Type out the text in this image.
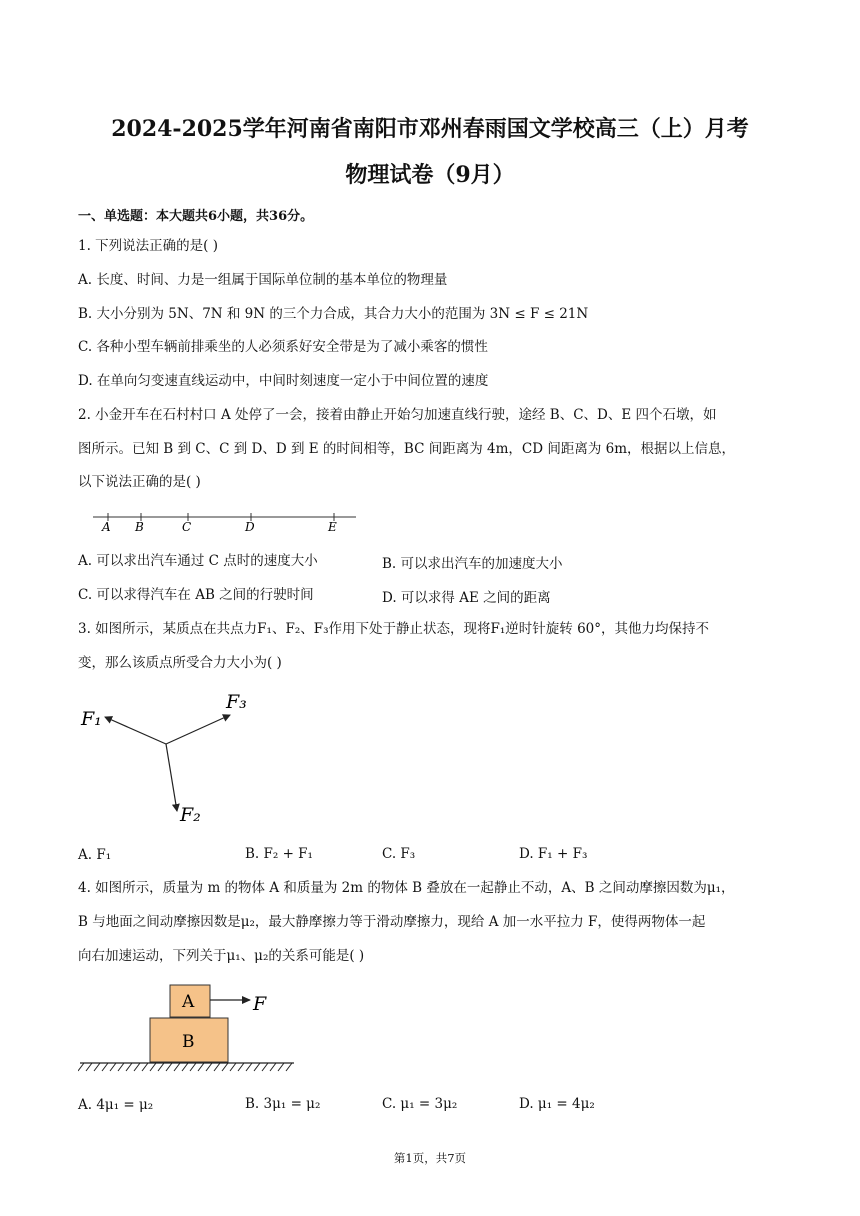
2024-2025学年河南省南阳市邓州春雨国文学校高三（上）月考
物理试卷（9月）
一、单选题：本大题共6小题，共36分。
1. 下列说法正确的是( )
A. 长度、时间、力是一组属于国际单位制的基本单位的物理量
B. 大小分别为 5N、7N 和 9N 的三个力合成，其合力大小的范围为 3N ≤ F ≤ 21N
C. 各种小型车辆前排乘坐的人必须系好安全带是为了减小乘客的惯性
D. 在单向匀变速直线运动中，中间时刻速度一定小于中间位置的速度
2. 小金开车在石村村口 A 处停了一会，接着由静止开始匀加速直线行驶，途经 B、C、D、E 四个石墩，如
图所示。已知 B 到 C、C 到 D、D 到 E 的时间相等，BC 间距离为 4m，CD 间距离为 6m，根据以上信息，
以下说法正确的是( )
A B	C	D	E
A. 可以求出汽车通过 C 点时的速度大小	B. 可以求出汽车的加速度大小
C. 可以求得汽车在 AB 之间的行驶时间	D. 可以求得 AE 之间的距离
3. 如图所示，某质点在共点力F₁、F₂、F₃作用下处于静止状态，现将F₁逆时针旋转 60°，其他力均保持不
变，那么该质点所受合力大小为( )
F₁
F₃
F₂
A. F₁	B. F₂ + F₁	C. F₃	D. F₁ + F₃
4. 如图所示，质量为 m 的物体 A 和质量为 2m 的物体 B 叠放在一起静止不动，A、B 之间动摩擦因数为μ₁，
B 与地面之间动摩擦因数是μ₂，最大静摩擦力等于滑动摩擦力，现给 A 加一水平拉力 F，使得两物体一起
向右加速运动，下列关于μ₁、μ₂的关系可能是( )
A
B
F
A. 4μ₁ = μ₂	B. 3μ₁ = μ₂	C. μ₁ = 3μ₂	D. μ₁ = 4μ₂
第1页，共7页
